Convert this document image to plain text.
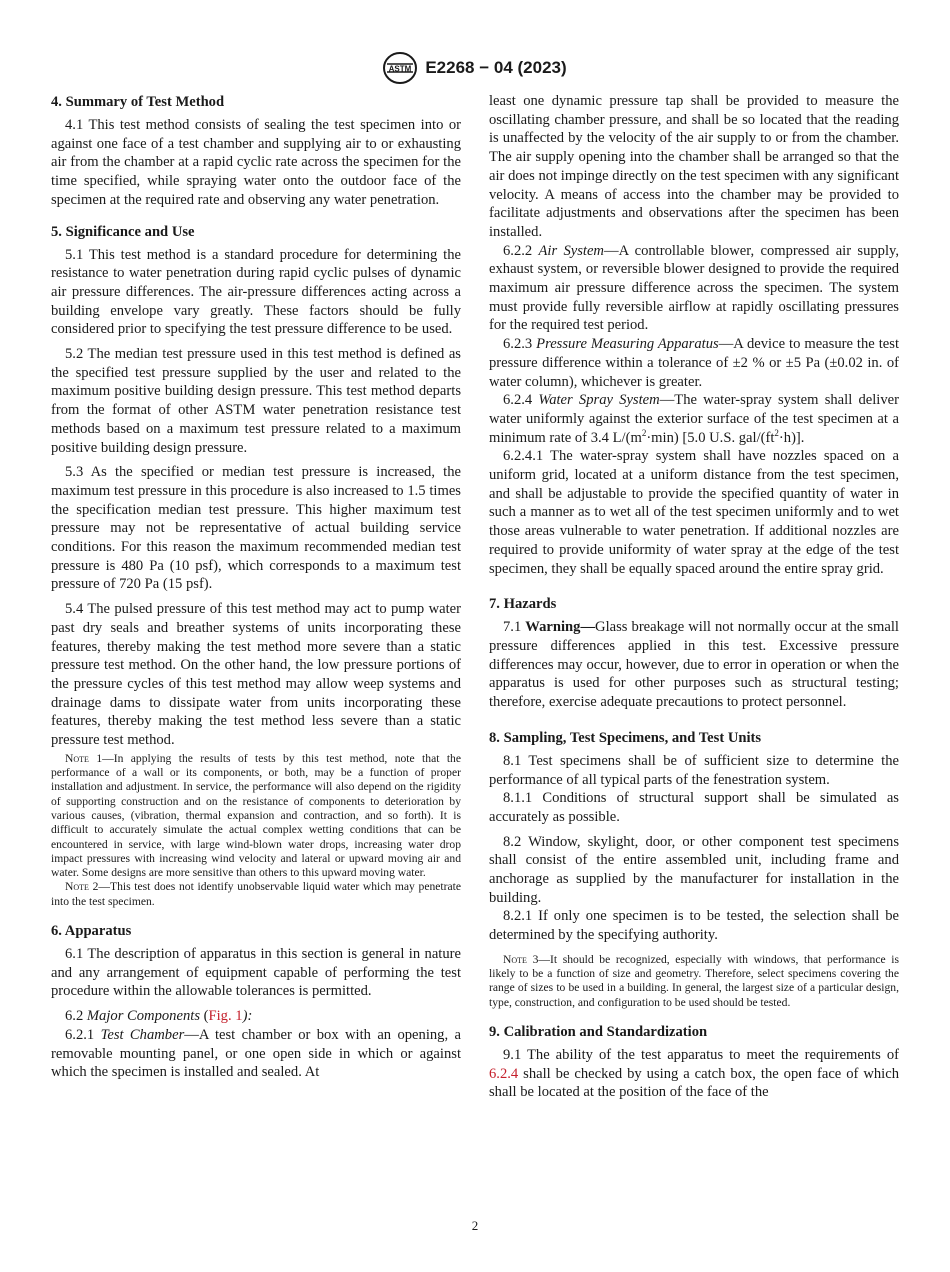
ASTM E2268 − 04 (2023)

4. Summary of Test Method

4.1 This test method consists of sealing the test specimen into or against one face of a test chamber and supplying air to or exhausting air from the chamber at a rapid cyclic rate across the specimen for the time specified, while spraying water onto the outdoor face of the specimen at the required rate and observing any water penetration.

5. Significance and Use

5.1 This test method is a standard procedure for determining the resistance to water penetration during rapid cyclic pulses of dynamic air pressure differences. The air-pressure differences acting across a building envelope vary greatly. These factors should be fully considered prior to specifying the test pressure difference to be used.

5.2 The median test pressure used in this test method is defined as the specified test pressure supplied by the user and related to the maximum positive building design pressure. This test method departs from the format of other ASTM water penetration resistance test methods based on a maximum test pressure related to a maximum positive building design pressure.

5.3 As the specified or median test pressure is increased, the maximum test pressure in this procedure is also increased to 1.5 times the specification median test pressure. This higher maximum test pressure may not be representative of actual building service conditions. For this reason the maximum recommended median test pressure is 480 Pa (10 psf), which corresponds to a maximum test pressure of 720 Pa (15 psf).

5.4 The pulsed pressure of this test method may act to pump water past dry seals and breather systems of units incorporating these features, thereby making the test method more severe than a static pressure test method. On the other hand, the low pressure portions of the pressure cycles of this test method may allow weep systems and drainage dams to dissipate water from units incorporating these features, thereby making the test method less severe than a static pressure test method.

Note 1—In applying the results of tests by this test method, note that the performance of a wall or its components, or both, may be a function of proper installation and adjustment. In service, the performance will also depend on the rigidity of supporting construction and on the resistance of components to deterioration by various causes, (vibration, thermal expansion and contraction, and so forth). It is difficult to accurately simulate the actual complex wetting conditions that can be encountered in service, with large wind-blown water drops, increasing water drop impact pressures with increasing wind velocity and lateral or upward moving air and water. Some designs are more sensitive than others to this upward moving water.

Note 2—This test does not identify unobservable liquid water which may penetrate into the test specimen.

6. Apparatus

6.1 The description of apparatus in this section is general in nature and any arrangement of equipment capable of performing the test procedure within the allowable tolerances is permitted.

6.2 Major Components (Fig. 1):

6.2.1 Test Chamber—A test chamber or box with an opening, a removable mounting panel, or one open side in which or against which the specimen is installed and sealed. At

least one dynamic pressure tap shall be provided to measure the oscillating chamber pressure, and shall be so located that the reading is unaffected by the velocity of the air supply to or from the chamber. The air supply opening into the chamber shall be arranged so that the air does not impinge directly on the test specimen with any significant velocity. A means of access into the chamber may be provided to facilitate adjustments and observations after the specimen has been installed.

6.2.2 Air System—A controllable blower, compressed air supply, exhaust system, or reversible blower designed to provide the required maximum air pressure difference across the specimen. The system must provide fully reversible airflow at rapidly oscillating pressures for the required test period.

6.2.3 Pressure Measuring Apparatus—A device to measure the test pressure difference within a tolerance of ±2 % or ±5 Pa (±0.02 in. of water column), whichever is greater.

6.2.4 Water Spray System—The water-spray system shall deliver water uniformly against the exterior surface of the test specimen at a minimum rate of 3.4 $L/(m^2\cdot\min)$ [5.0 U.S. gal/$(ft^2\cdot h)$].

6.2.4.1 The water-spray system shall have nozzles spaced on a uniform grid, located at a uniform distance from the test specimen, and shall be adjustable to provide the specified quantity of water in such a manner as to wet all of the test specimen uniformly and to wet those areas vulnerable to water penetration. If additional nozzles are required to provide uniformity of water spray at the edge of the test specimen, they shall be equally spaced around the entire spray grid.

7. Hazards

7.1 Warning—Glass breakage will not normally occur at the small pressure differences applied in this test. Excessive pressure differences may occur, however, due to error in operation or when the apparatus is used for other purposes such as structural testing; therefore, exercise adequate precautions to protect personnel.

8. Sampling, Test Specimens, and Test Units

8.1 Test specimens shall be of sufficient size to determine the performance of all typical parts of the fenestration system.

8.1.1 Conditions of structural support shall be simulated as accurately as possible.

8.2 Window, skylight, door, or other component test specimens shall consist of the entire assembled unit, including frame and anchorage as supplied by the manufacturer for installation in the building.

8.2.1 If only one specimen is to be tested, the selection shall be determined by the specifying authority.

Note 3—It should be recognized, especially with windows, that performance is likely to be a function of size and geometry. Therefore, select specimens covering the range of sizes to be used in a building. In general, the largest size of a particular design, type, construction, and configuration to be used should be tested.

9. Calibration and Standardization

9.1 The ability of the test apparatus to meet the requirements of 6.2.4 shall be checked by using a catch box, the open face of which shall be located at the position of the face of the

2
